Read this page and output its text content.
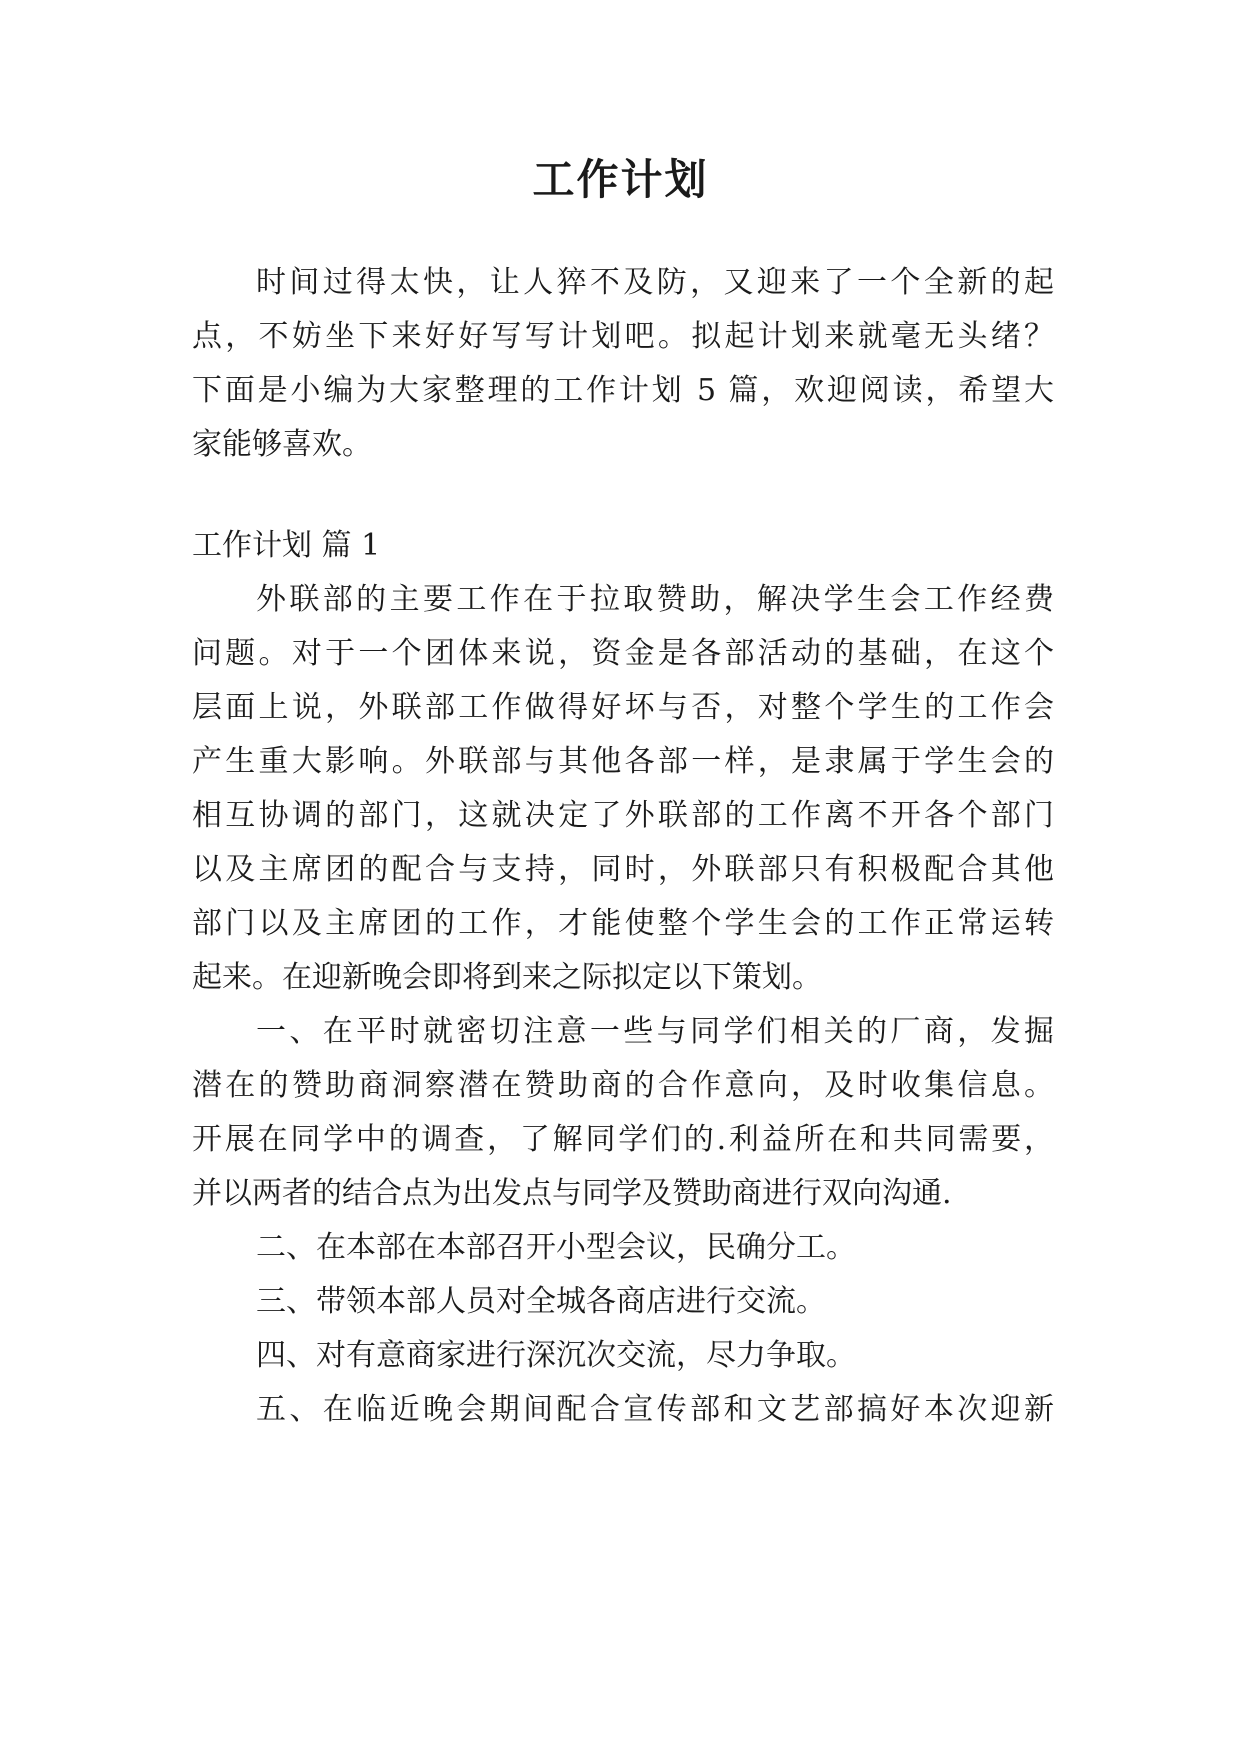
工作计划

时间过得太快，让人猝不及防，又迎来了一个全新的起

点，不妨坐下来好好写写计划吧。拟起计划来就毫无头绪？

下面是小编为大家整理的工作计划 5 篇，欢迎阅读，希望大

家能够喜欢。

工作计划 篇 1

外联部的主要工作在于拉取赞助，解决学生会工作经费

问题。对于一个团体来说，资金是各部活动的基础，在这个

层面上说，外联部工作做得好坏与否，对整个学生的工作会

产生重大影响。外联部与其他各部一样，是隶属于学生会的

相互协调的部门，这就决定了外联部的工作离不开各个部门

以及主席团的配合与支持，同时，外联部只有积极配合其他

部门以及主席团的工作，才能使整个学生会的工作正常运转

起来。在迎新晚会即将到来之际拟定以下策划。

一、在平时就密切注意一些与同学们相关的厂商，发掘

潜在的赞助商洞察潜在赞助商的合作意向，及时收集信息。

开展在同学中的调查，了解同学们的.利益所在和共同需要，

并以两者的结合点为出发点与同学及赞助商进行双向沟通.

二、在本部在本部召开小型会议，民确分工。

三、带领本部人员对全城各商店进行交流。

四、对有意商家进行深沉次交流，尽力争取。

五、在临近晚会期间配合宣传部和文艺部搞好本次迎新
